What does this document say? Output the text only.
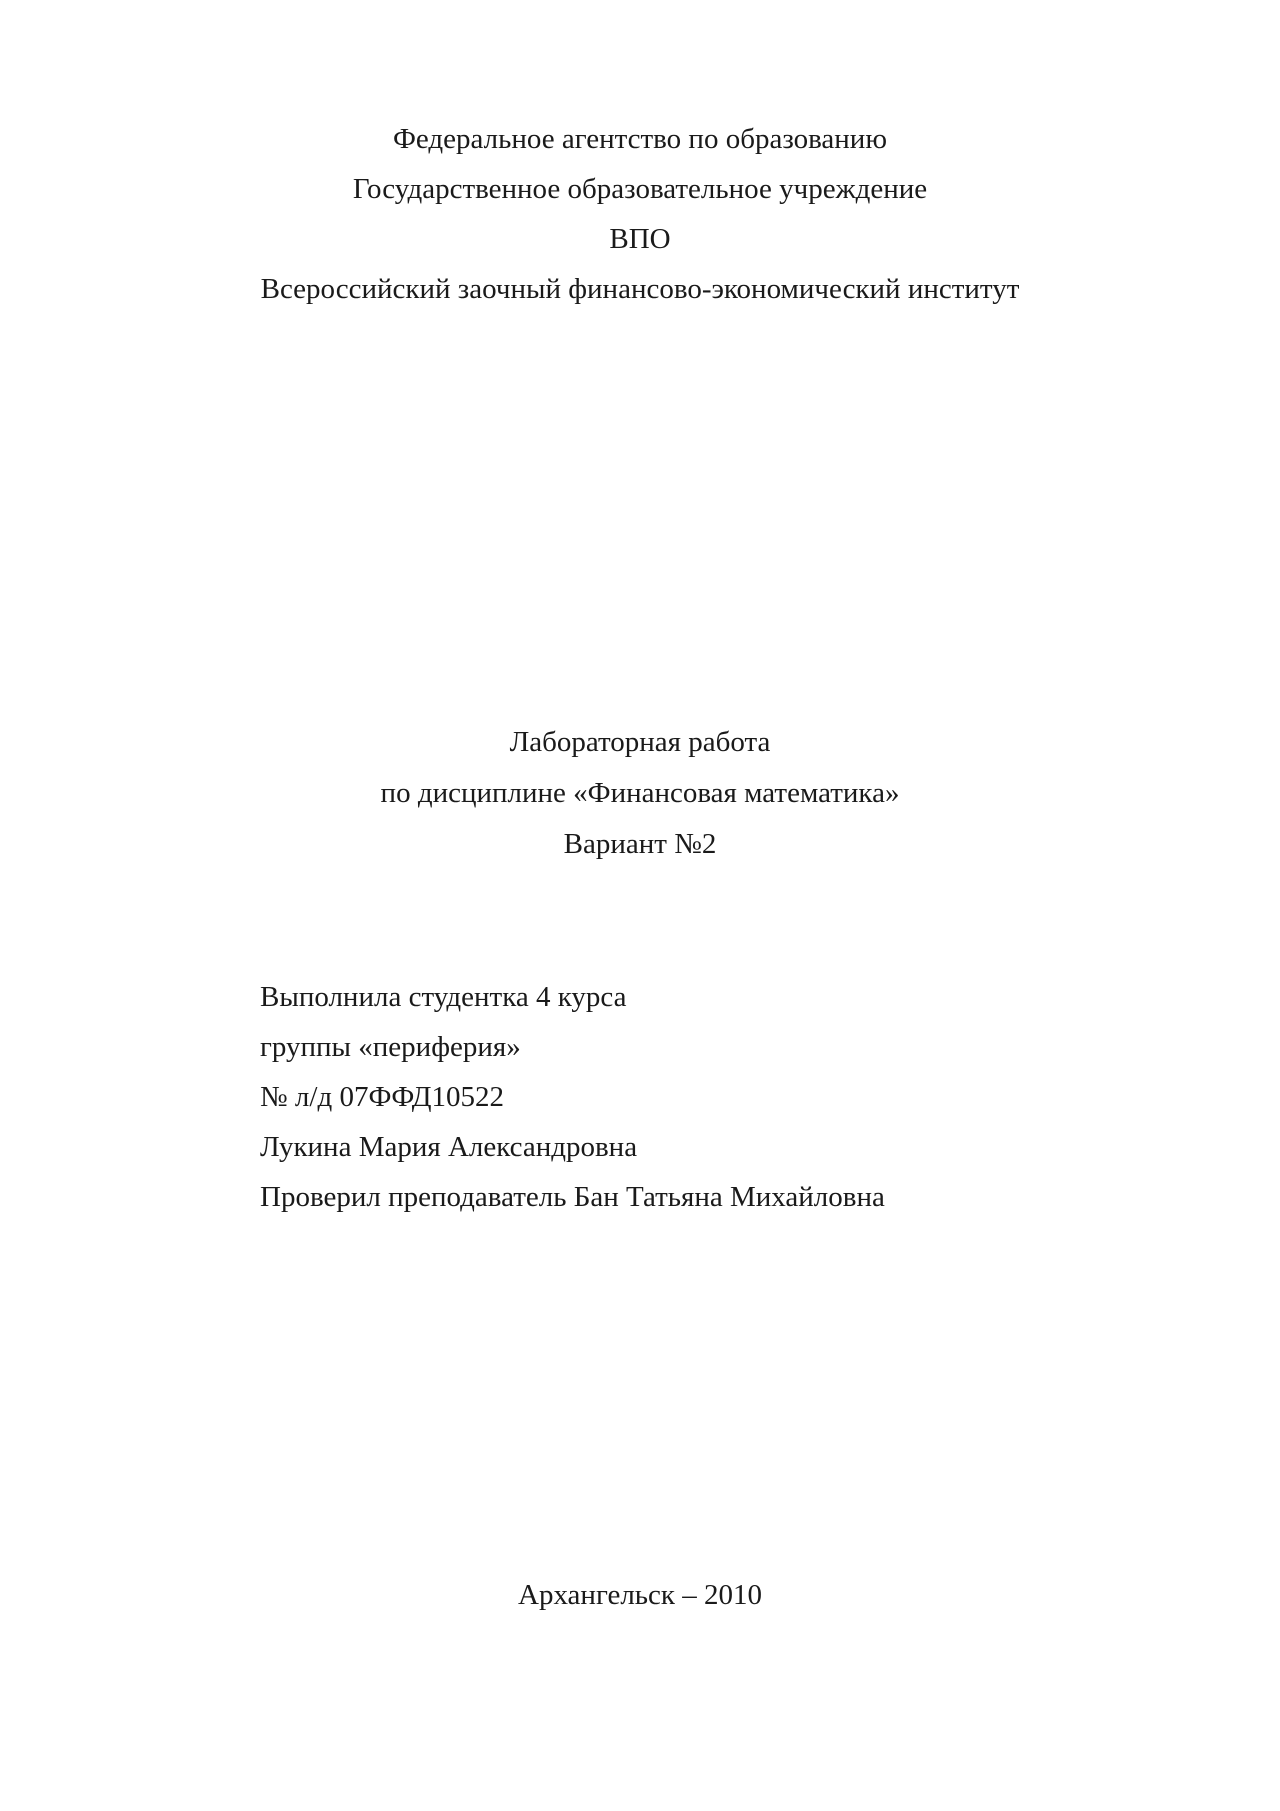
Федеральное агентство по образованию

Государственное образовательное учреждение

ВПО

Всероссийский заочный финансово-экономический институт

Лабораторная работа

по дисциплине «Финансовая математика»

Вариант №2

Выполнила студентка 4 курса

группы «периферия»

№ л/д 07ФФД10522

Лукина Мария Александровна

Проверил преподаватель Бан Татьяна Михайловна

Архангельск – 2010
